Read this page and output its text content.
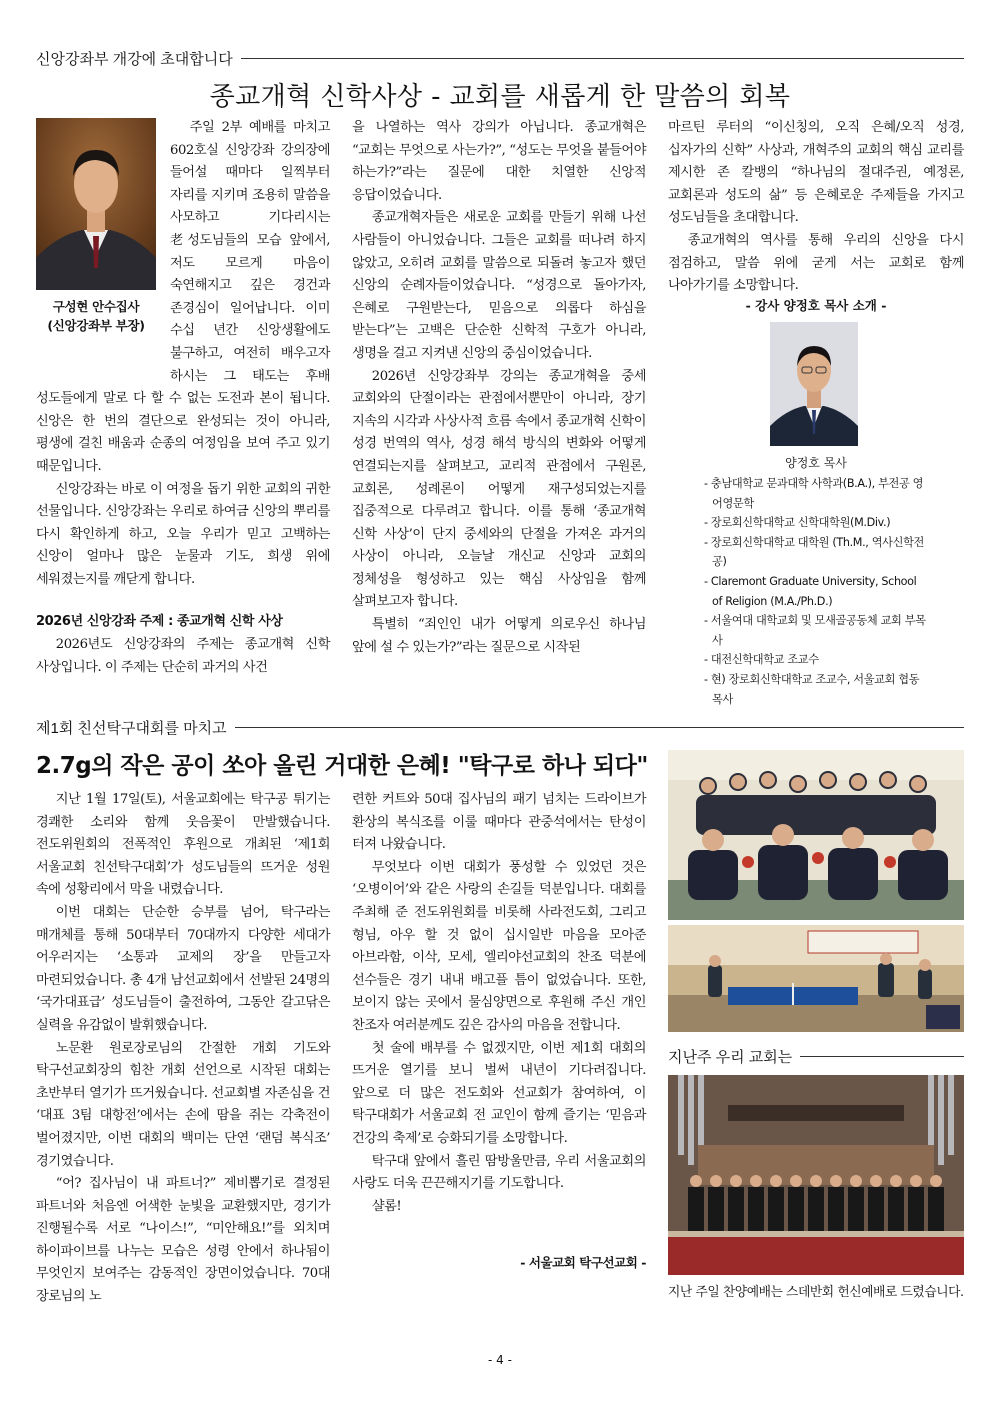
신앙강좌부 개강에 초대합니다
종교개혁 신학사상 - 교회를 새롭게 한 말씀의 회복
구성현 안수집사
(신앙강좌부 부장)

주일 2부 예배를 마치고 602호실 신앙강좌 강의장에 들어설 때마다 일찍부터 자리를 지키며 조용히 말씀을 사모하고 기다리시는 老성도님들의 모습 앞에서, 저도 모르게 마음이 숙연해지고 깊은 경건과 존경심이 일어납니다. 이미 수십 년간 신앙생활에도 불구하고, 여전히 배우고자 하시는 그 태도는 후배 성도들에게 말로 다 할 수 없는 도전과 본이 됩니다. 신앙은 한 번의 결단으로 완성되는 것이 아니라, 평생에 걸친 배움과 순종의 여정임을 보여 주고 있기 때문입니다.

신앙강좌는 바로 이 여정을 돕기 위한 교회의 귀한 선물입니다. 신앙강좌는 우리로 하여금 신앙의 뿌리를 다시 확인하게 하고, 오늘 우리가 믿고 고백하는 신앙이 얼마나 많은 눈물과 기도, 희생 위에 세워졌는지를 깨닫게 합니다.

2026년 신앙강좌 주제 : 종교개혁 신학 사상

2026년도 신앙강좌의 주제는 종교개혁 신학 사상입니다. 이 주제는 단순히 과거의 사건

을 나열하는 역사 강의가 아닙니다. 종교개혁은 “교회는 무엇으로 사는가?”, “성도는 무엇을 붙들어야 하는가?”라는 질문에 대한 치열한 신앙적 응답이었습니다.

종교개혁자들은 새로운 교회를 만들기 위해 나선 사람들이 아니었습니다. 그들은 교회를 떠나려 하지 않았고, 오히려 교회를 말씀으로 되돌려 놓고자 했던 신앙의 순례자들이었습니다. “성경으로 돌아가자, 은혜로 구원받는다, 믿음으로 의롭다 하심을 받는다”는 고백은 단순한 신학적 구호가 아니라, 생명을 걸고 지켜낸 신앙의 중심이었습니다.

2026년 신앙강좌부 강의는 종교개혁을 중세 교회와의 단절이라는 관점에서뿐만이 아니라, 장기 지속의 시각과 사상사적 흐름 속에서 종교개혁 신학이 성경 번역의 역사, 성경 해석 방식의 변화와 어떻게 연결되는지를 살펴보고, 교리적 관점에서 구원론, 교회론, 성례론이 어떻게 재구성되었는지를 집중적으로 다루려고 합니다. 이를 통해 ‘종교개혁 신학 사상’이 단지 중세와의 단절을 가져온 과거의 사상이 아니라, 오늘날 개신교 신앙과 교회의 정체성을 형성하고 있는 핵심 사상임을 함께 살펴보고자 합니다.

특별히 “죄인인 내가 어떻게 의로우신 하나님 앞에 설 수 있는가?”라는 질문으로 시작된

마르틴 루터의 “이신칭의, 오직 은혜/오직 성경, 십자가의 신학” 사상과, 개혁주의 교회의 핵심 교리를 제시한 존 칼뱅의 “하나님의 절대주권, 예정론, 교회론과 성도의 삶” 등 은혜로운 주제들을 가지고 성도님들을 초대합니다.

종교개혁의 역사를 통해 우리의 신앙을 다시 점검하고, 말씀 위에 굳게 서는 교회로 함께 나아가기를 소망합니다.

- 강사 양정호 목사 소개 -
양정호 목사
- 충남대학교 문과대학 사학과(B.A.), 부전공 영어영문학
- 장로회신학대학교 신학대학원(M.Div.)
- 장로회신학대학교 대학원 (Th.M., 역사신학전공)
- Claremont Graduate University, School of Religion (M.A./Ph.D.)
- 서울여대 대학교회 및 모새골공동체 교회 부목사
- 대전신학대학교 조교수
- 현) 장로회신학대학교 조교수, 서울교회 협동목사
제1회 친선탁구대회를 마치고
2.7g의 작은 공이 쏘아 올린 거대한 은혜! "탁구로 하나 되다"

지난 1월 17일(토), 서울교회에는 탁구공 튀기는 경쾌한 소리와 함께 웃음꽃이 만발했습니다. 전도위원회의 전폭적인 후원으로 개최된 ‘제1회 서울교회 친선탁구대회’가 성도님들의 뜨거운 성원 속에 성황리에서 막을 내렸습니다.

이번 대회는 단순한 승부를 넘어, 탁구라는 매개체를 통해 50대부터 70대까지 다양한 세대가 어우러지는 ‘소통과 교제의 장’을 만들고자 마련되었습니다. 총 4개 남선교회에서 선발된 24명의 ‘국가대표급’ 성도님들이 출전하여, 그동안 갈고닦은 실력을 유감없이 발휘했습니다.

노문환 원로장로님의 간절한 개회 기도와 탁구선교회장의 힘찬 개회 선언으로 시작된 대회는 초반부터 열기가 뜨거웠습니다. 선교회별 자존심을 건 ‘대표 3팀 대항전’에서는 손에 땀을 쥐는 각축전이 벌어졌지만, 이번 대회의 백미는 단연 ‘랜덤 복식조’ 경기였습니다.

“어? 집사님이 내 파트너?” 제비뽑기로 결정된 파트너와 처음엔 어색한 눈빛을 교환했지만, 경기가 진행될수록 서로 “나이스!”, “미안해요!”를 외치며 하이파이브를 나누는 모습은 성령 안에서 하나됨이 무엇인지 보여주는 감동적인 장면이었습니다. 70대 장로님의 노

련한 커트와 50대 집사님의 패기 넘치는 드라이브가 환상의 복식조를 이룰 때마다 관중석에서는 탄성이 터져 나왔습니다.

무엇보다 이번 대회가 풍성할 수 있었던 것은 ‘오병이어’와 같은 사랑의 손길들 덕분입니다. 대회를 주최해 준 전도위원회를 비롯해 사라전도회, 그리고 형님, 아우 할 것 없이 십시일반 마음을 모아준 아브라함, 이삭, 모세, 엘리야선교회의 찬조 덕분에 선수들은 경기 내내 배고플 틈이 없었습니다. 또한, 보이지 않는 곳에서 물심양면으로 후원해 주신 개인 찬조자 여러분께도 깊은 감사의 마음을 전합니다.

첫 술에 배부를 수 없겠지만, 이번 제1회 대회의 뜨거운 열기를 보니 벌써 내년이 기다려집니다. 앞으로 더 많은 전도회와 선교회가 참여하여, 이 탁구대회가 서울교회 전 교인이 함께 즐기는 ‘믿음과 건강의 축제’로 승화되기를 소망합니다.

탁구대 앞에서 흘린 땀방울만큼, 우리 서울교회의 사랑도 더욱 끈끈해지기를 기도합니다.

샬롬!

- 서울교회 탁구선교회 -
지난주 우리 교회는

지난 주일 찬양예배는 스데반회 헌신예배로 드렸습니다.

- 4 -
